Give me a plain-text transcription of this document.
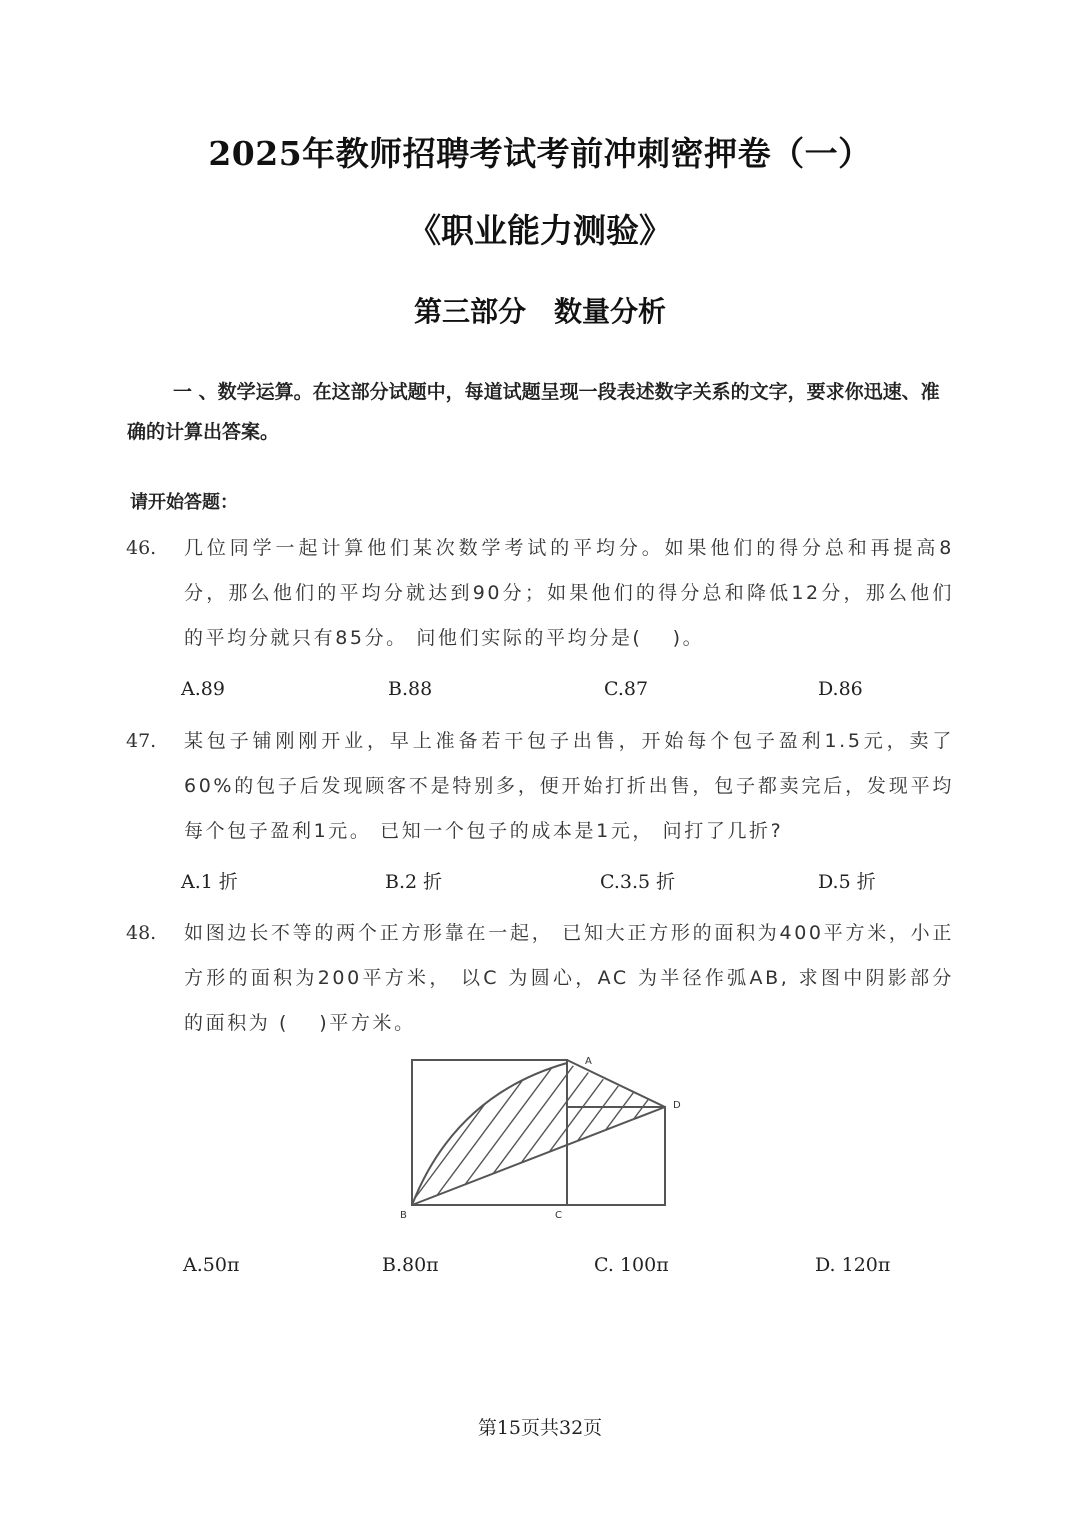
2025年教师招聘考试考前冲刺密押卷（一）
《职业能力测验》
第三部分　数量分析
一 、数学运算。在这部分试题中，每道试题呈现一段表述数字关系的文字，要求你迅速、准确的计算出答案。
请开始答题：
46. 几位同学一起计算他们某次数学考试的平均分。如果他们的得分总和再提高8分，那么他们的平均分就达到90分；如果他们的得分总和降低12分，那么他们的平均分就只有85分。 问他们实际的平均分是(　 )。
A.89	B.88	C.87	D.86
47. 某包子铺刚刚开业，早上准备若干包子出售，开始每个包子盈利1.5元，卖了60%的包子后发现顾客不是特别多，便开始打折出售，包子都卖完后，发现平均每个包子盈利1元。 已知一个包子的成本是1元， 问打了几折?
A.1 折	B.2 折	C.3.5 折	D.5 折
48. 如图边长不等的两个正方形靠在一起， 已知大正方形的面积为400平方米，小正方形的面积为200平方米， 以C 为圆心，AC 为半径作弧AB, 求图中阴影部分的面积为 (　 )平方米。
A
D
B	C
A.50π	B.80π	C. 100π	D. 120π
第15页共32页
